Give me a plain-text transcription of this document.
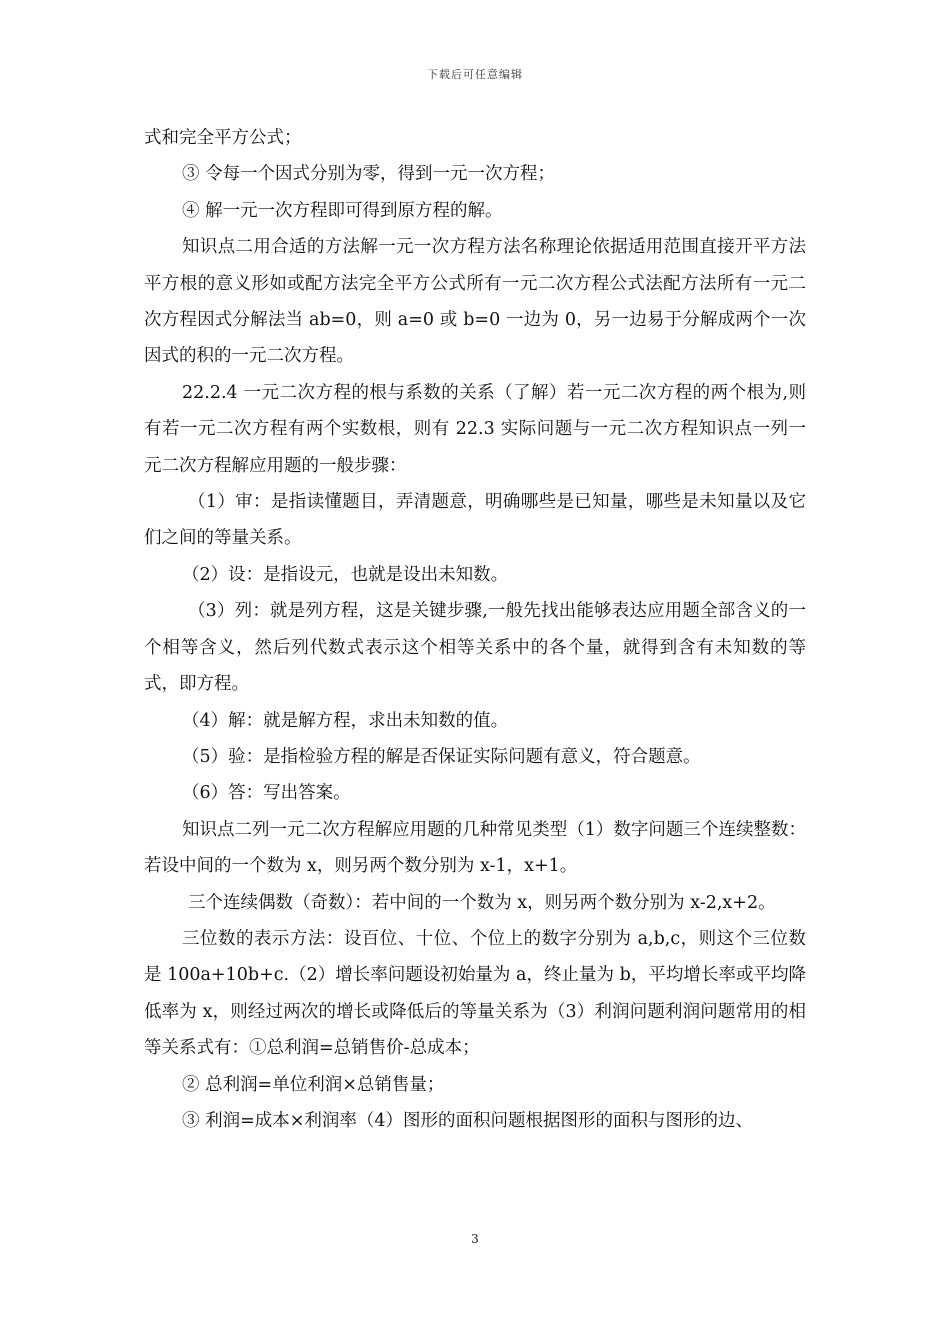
下载后可任意编辑

式和完全平方公式；

③ 令每一个因式分别为零，得到一元一次方程；

④ 解一元一次方程即可得到原方程的解。

知识点二用合适的方法解一元一次方程方法名称理论依据适用范围直接开平方法平方根的意义形如或配方法完全平方公式所有一元二次方程公式法配方法所有一元二次方程因式分解法当 ab=0，则 a=0 或 b=0 一边为 0，另一边易于分解成两个一次因式的积的一元二次方程。

22.2.4 一元二次方程的根与系数的关系（了解）若一元二次方程的两个根为,则有若一元二次方程有两个实数根，则有 22.3 实际问题与一元二次方程知识点一列一元二次方程解应用题的一般步骤：

（1）审：是指读懂题目，弄清题意，明确哪些是已知量，哪些是未知量以及它们之间的等量关系。

（2）设：是指设元，也就是设出未知数。

（3）列：就是列方程，这是关键步骤,一般先找出能够表达应用题全部含义的一个相等含义，然后列代数式表示这个相等关系中的各个量，就得到含有未知数的等式，即方程。

（4）解：就是解方程，求出未知数的值。

（5）验：是指检验方程的解是否保证实际问题有意义，符合题意。

（6）答：写出答案。

知识点二列一元二次方程解应用题的几种常见类型（1）数字问题三个连续整数：若设中间的一个数为 x，则另两个数分别为 x-1，x+1。

三个连续偶数（奇数）：若中间的一个数为 x，则另两个数分别为 x-2,x+2。

三位数的表示方法：设百位、十位、个位上的数字分别为 a,b,c，则这个三位数是 100a+10b+c.（2）增长率问题设初始量为 a，终止量为 b，平均增长率或平均降低率为 x，则经过两次的增长或降低后的等量关系为（3）利润问题利润问题常用的相等关系式有：①总利润=总销售价-总成本；

② 总利润=单位利润×总销售量；

③ 利润=成本×利润率（4）图形的面积问题根据图形的面积与图形的边、

3
